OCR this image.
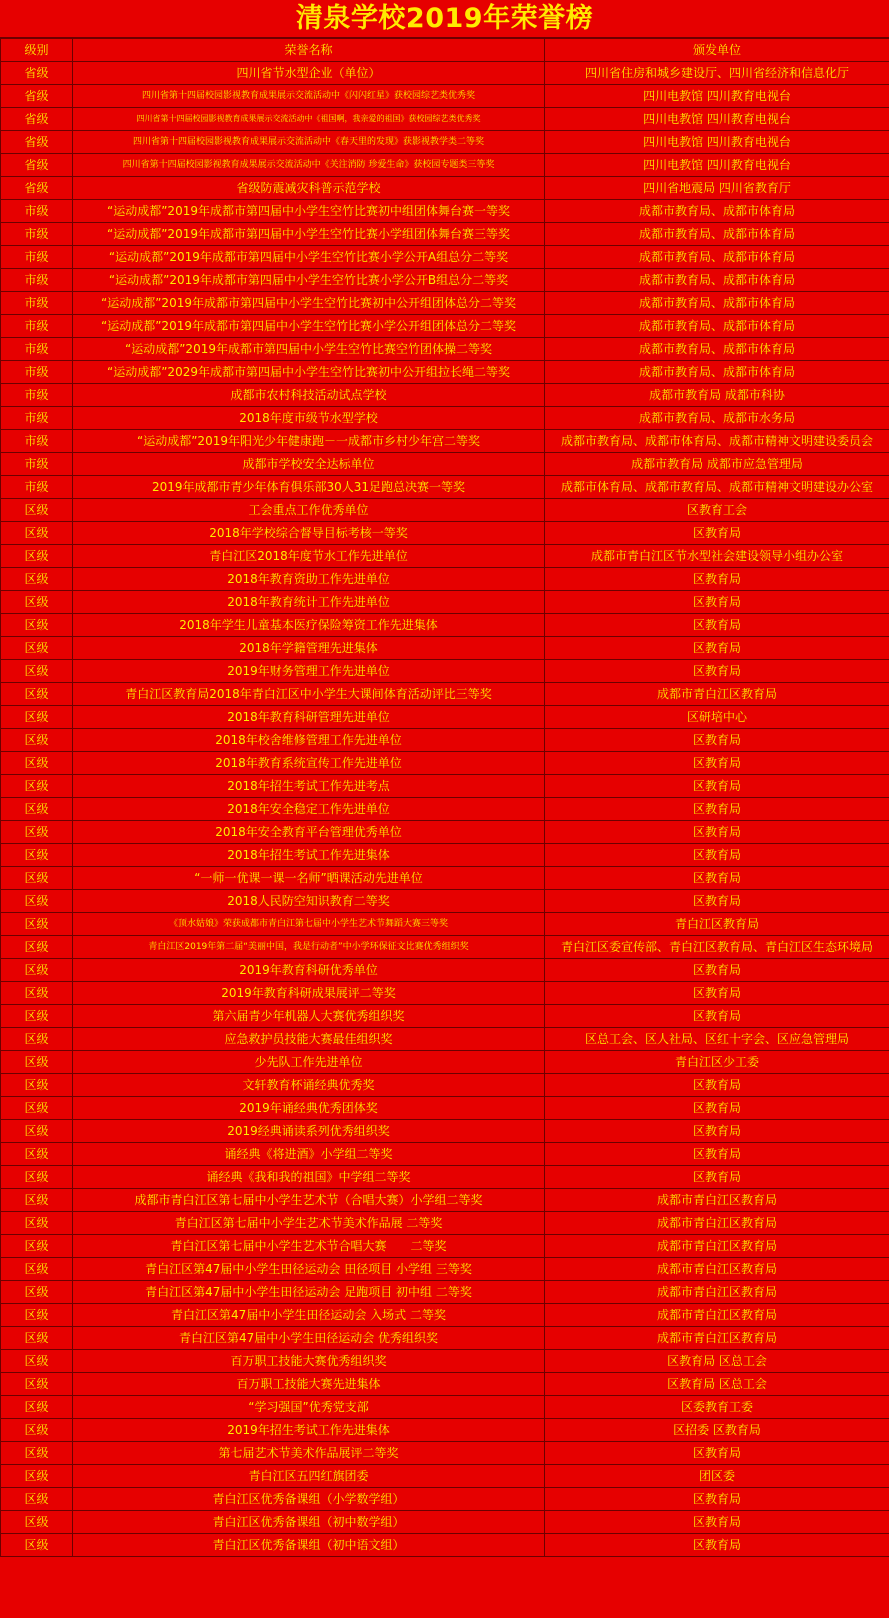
清泉学校2019年荣誉榜
级别	荣誉名称	颁发单位
省级	四川省节水型企业（单位）	四川省住房和城乡建设厅、四川省经济和信息化厅
省级	四川省第十四届校园影视教育成果展示交流活动中《闪闪红星》获校园综艺类优秀奖	四川电教馆 四川教育电视台
省级	四川省第十四届校园影视教育成果展示交流活动中《祖国啊，我亲爱的祖国》获校园综艺类优秀奖	四川电教馆 四川教育电视台
省级	四川省第十四届校园影视教育成果展示交流活动中《春天里的发现》获影视教学类二等奖	四川电教馆 四川教育电视台
省级	四川省第十四届校园影视教育成果展示交流活动中《关注消防 珍爱生命》获校园专题类三等奖	四川电教馆 四川教育电视台
省级	省级防震减灾科普示范学校	四川省地震局 四川省教育厅
市级	“运动成都”2019年成都市第四届中小学生空竹比赛初中组团体舞台赛一等奖	成都市教育局、成都市体育局
市级	“运动成都”2019年成都市第四届中小学生空竹比赛小学组团体舞台赛三等奖	成都市教育局、成都市体育局
市级	“运动成都”2019年成都市第四届中小学生空竹比赛小学公开A组总分二等奖	成都市教育局、成都市体育局
市级	“运动成都”2019年成都市第四届中小学生空竹比赛小学公开B组总分二等奖	成都市教育局、成都市体育局
市级	“运动成都”2019年成都市第四届中小学生空竹比赛初中公开组团体总分二等奖	成都市教育局、成都市体育局
市级	“运动成都”2019年成都市第四届中小学生空竹比赛小学公开组团体总分二等奖	成都市教育局、成都市体育局
市级	“运动成都”2019年成都市第四届中小学生空竹比赛空竹团体操二等奖	成都市教育局、成都市体育局
市级	“运动成都”2029年成都市第四届中小学生空竹比赛初中公开组拉长绳二等奖	成都市教育局、成都市体育局
市级	成都市农村科技活动试点学校	成都市教育局 成都市科协
市级	2018年度市级节水型学校	成都市教育局、成都市水务局
市级	“运动成都”2019年阳光少年健康跑－一成都市乡村少年宫二等奖	成都市教育局、成都市体育局、成都市精神文明建设委员会
市级	成都市学校安全达标单位	成都市教育局 成都市应急管理局
市级	2019年成都市青少年体育俱乐部30人31足跑总决赛一等奖	成都市体育局、成都市教育局、成都市精神文明建设办公室
区级	工会重点工作优秀单位	区教育工会
区级	2018年学校综合督导目标考核一等奖	区教育局
区级	青白江区2018年度节水工作先进单位	成都市青白江区节水型社会建设领导小组办公室
区级	2018年教育资助工作先进单位	区教育局
区级	2018年教育统计工作先进单位	区教育局
区级	2018年学生儿童基本医疗保险筹资工作先进集体	区教育局
区级	2018年学籍管理先进集体	区教育局
区级	2019年财务管理工作先进单位	区教育局
区级	青白江区教育局2018年青白江区中小学生大课间体育活动评比三等奖	成都市青白江区教育局
区级	2018年教育科研管理先进单位	区研培中心
区级	2018年校舍维修管理工作先进单位	区教育局
区级	2018年教育系统宣传工作先进单位	区教育局
区级	2018年招生考试工作先进考点	区教育局
区级	2018年安全稳定工作先进单位	区教育局
区级	2018年安全教育平台管理优秀单位	区教育局
区级	2018年招生考试工作先进集体	区教育局
区级	“一师一优课一课一名师”晒课活动先进单位	区教育局
区级	2018人民防空知识教育二等奖	区教育局
区级	《顶水姑娘》荣获成都市青白江第七届中小学生艺术节舞蹈大赛三等奖	青白江区教育局
区级	青白江区2019年第二届“美丽中国，我是行动者”中小学环保征文比赛优秀组织奖	青白江区委宣传部、青白江区教育局、青白江区生态环境局
区级	2019年教育科研优秀单位	区教育局
区级	2019年教育科研成果展评二等奖	区教育局
区级	第六届青少年机器人大赛优秀组织奖	区教育局
区级	应急救护员技能大赛最佳组织奖	区总工会、区人社局、区红十字会、区应急管理局
区级	少先队工作先进单位	青白江区少工委
区级	文轩教育杯诵经典优秀奖	区教育局
区级	2019年诵经典优秀团体奖	区教育局
区级	2019经典诵读系列优秀组织奖	区教育局
区级	诵经典《将进酒》小学组二等奖	区教育局
区级	诵经典《我和我的祖国》中学组二等奖	区教育局
区级	成都市青白江区第七届中小学生艺术节（合唱大赛）小学组二等奖	成都市青白江区教育局
区级	青白江区第七届中小学生艺术节美术作品展 二等奖	成都市青白江区教育局
区级	青白江区第七届中小学生艺术节合唱大赛　　二等奖	成都市青白江区教育局
区级	青白江区第47届中小学生田径运动会 田径项目 小学组 三等奖	成都市青白江区教育局
区级	青白江区第47届中小学生田径运动会 足跑项目 初中组 二等奖	成都市青白江区教育局
区级	青白江区第47届中小学生田径运动会 入场式 二等奖	成都市青白江区教育局
区级	青白江区第47届中小学生田径运动会 优秀组织奖	成都市青白江区教育局
区级	百万职工技能大赛优秀组织奖	区教育局 区总工会
区级	百万职工技能大赛先进集体	区教育局 区总工会
区级	“学习强国”优秀党支部	区委教育工委
区级	2019年招生考试工作先进集体	区招委 区教育局
区级	第七届艺术节美术作品展评二等奖	区教育局
区级	青白江区五四红旗团委	团区委
区级	青白江区优秀备课组（小学数学组）	区教育局
区级	青白江区优秀备课组（初中数学组）	区教育局
区级	青白江区优秀备课组（初中语文组）	区教育局
